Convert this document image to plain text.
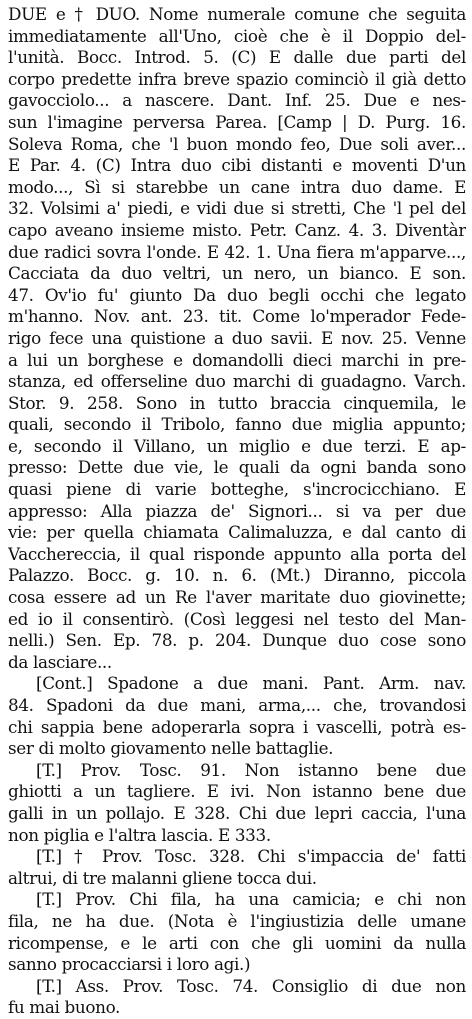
DUE e † DUO. Nome numerale comune che seguita
immediatamente all'Uno, cioè che è il Doppio del-
l'unità. Bocc. Introd. 5. (C) E dalle due parti del
corpo predette infra breve spazio cominciò il già detto
gavocciolo... a nascere. Dant. Inf. 25. Due e nes-
sun l'imagine perversa Parea. [Camp | D. Purg. 16.
Soleva Roma, che 'l buon mondo feo, Due soli aver...
E Par. 4. (C) Intra duo cibi distanti e moventi D'un
modo..., Sì si starebbe un cane intra duo dame. E
32. Volsimi a' piedi, e vidi due si stretti, Che 'l pel del
capo aveano insieme misto. Petr. Canz. 4. 3. Diventàr
due radici sovra l'onde. E 42. 1. Una fiera m'apparve...,
Cacciata da duo veltri, un nero, un bianco. E son.
47. Ov'io fu' giunto Da duo begli occhi che legato
m'hanno. Nov. ant. 23. tit. Come lo'mperador Fede-
rigo fece una quistione a duo savii. E nov. 25. Venne
a lui un borghese e domandolli dieci marchi in pre-
stanza, ed offerseline duo marchi di guadagno. Varch.
Stor. 9. 258. Sono in tutto braccia cinquemila, le
quali, secondo il Tribolo, fanno due miglia appunto;
e, secondo il Villano, un miglio e due terzi. E ap-
presso: Dette due vie, le quali da ogni banda sono
quasi piene di varie botteghe, s'incrocicchiano. E
appresso: Alla piazza de' Signori... si va per due
vie: per quella chiamata Calimaluzza, e dal canto di
Vacchereccia, il qual risponde appunto alla porta del
Palazzo. Bocc. g. 10. n. 6. (Mt.) Diranno, piccola
cosa essere ad un Re l'aver maritate duo giovinette;
ed io il consentirò. (Così leggesi nel testo del Man-
nelli.) Sen. Ep. 78. p. 204. Dunque duo cose sono
da lasciare...
[Cont.] Spadone a due mani. Pant. Arm. nav.
84. Spadoni da due mani, arma,... che, trovandosi
chi sappia bene adoperarla sopra i vascelli, potrà es-
ser di molto giovamento nelle battaglie.
[T.] Prov. Tosc. 91. Non istanno bene due
ghiotti a un tagliere. E ivi. Non istanno bene due
galli in un pollajo. E 328. Chi due lepri caccia, l'una
non piglia e l'altra lascia. E 333.
[T.] † Prov. Tosc. 328. Chi s'impaccia de' fatti
altrui, di tre malanni gliene tocca dui.
[T.] Prov. Chi fila, ha una camicia; e chi non
fila, ne ha due. (Nota è l'ingiustizia delle umane
ricompense, e le arti con che gli uomini da nulla
sanno procacciarsi i loro agi.)
[T.] Ass. Prov. Tosc. 74. Consiglio di due non
fu mai buono.
